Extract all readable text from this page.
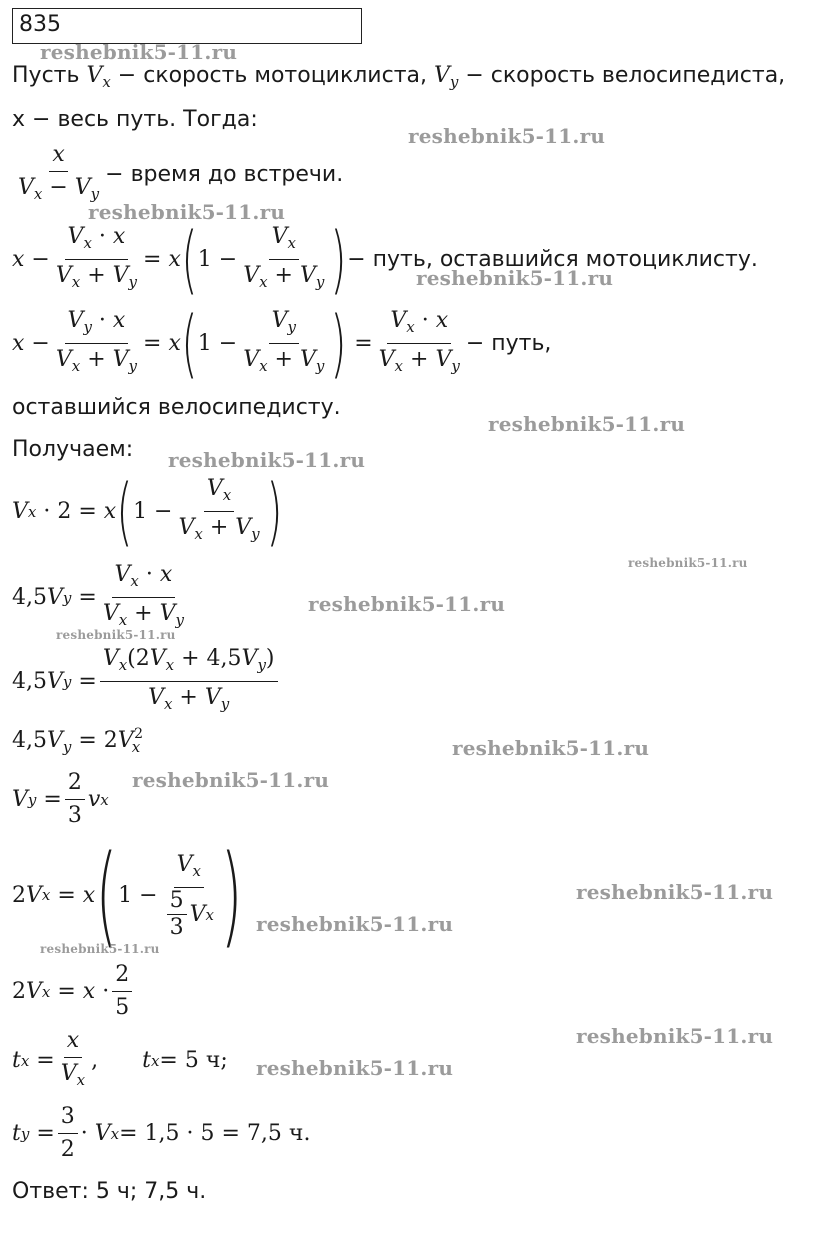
835
Пусть $V_x$ − скорость мотоциклиста, $V_y$ − скорость велосипедиста,
x − весь путь. Тогда:
$\frac{x}{V_x - V_y}$ − время до встречи.
$x - \frac{V_x \cdot x}{V_x + V_y} = x$ ( $1 - \frac{V_x}{V_x + V_y}$ ) − путь, оставшийся мотоциклисту.
$x - \frac{V_y \cdot x}{V_x + V_y} = x$ ( $1 - \frac{V_y}{V_x + V_y}$ ) = $\frac{V_x \cdot x}{V_x + V_y}$ − путь,
оставшийся велосипедисту.
Получаем:
V x · 2 = x ( $1 - \frac{V_x}{V_x + V_y}$ )
4,5 V $y = \frac{V_x \cdot x}{V_x + V_y}$
4,5 V $y = \frac{V_x(2V_x + 4,5V_y)}{V_x + V_y}$
4,5Vy = 2Vx2
V $y = \frac{2}{3}$ v x
2 V x = x ( $1 - \frac{V_x}{\frac{5}{3} V x}$ )
2 V $x = x \cdot \frac{2}{5}$
t $x = \frac{x}{V_x}$ , t x = 5 ч;
t $y = \frac{3}{2} \cdot V$ x = 1,5 · 5 = 7,5 ч.
Ответ: 5 ч; 7,5 ч.
reshebnik5-11.ru
reshebnik5-11.ru
reshebnik5-11.ru
reshebnik5-11.ru
reshebnik5-11.ru
reshebnik5-11.ru
reshebnik5-11.ru
reshebnik5-11.ru
reshebnik5-11.ru
reshebnik5-11.ru
reshebnik5-11.ru
reshebnik5-11.ru
reshebnik5-11.ru
reshebnik5-11.ru
reshebnik5-11.ru
reshebnik5-11.ru
